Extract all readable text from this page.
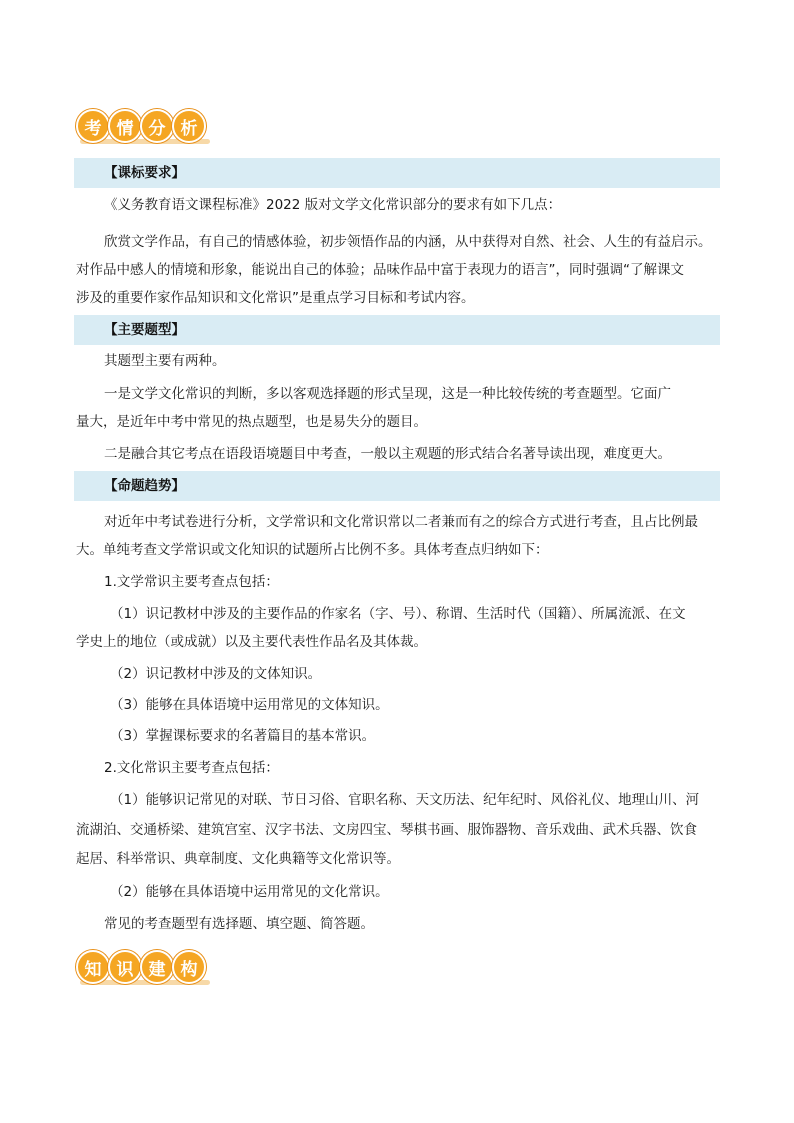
考 情 分 析
【课标要求】
《义务教育语文课程标准》2022 版对文学文化常识部分的要求有如下几点：
欣赏文学作品，有自己的情感体验，初步领悟作品的内涵，从中获得对自然、社会、人生的有益启示。
对作品中感人的情境和形象，能说出自己的体验；品味作品中富于表现力的语言”，同时强调“了解课文
涉及的重要作家作品知识和文化常识”是重点学习目标和考试内容。
【主要题型】
其题型主要有两种。
一是文学文化常识的判断，多以客观选择题的形式呈现，这是一种比较传统的考查题型。它面广
量大，是近年中考中常见的热点题型，也是易失分的题目。
二是融合其它考点在语段语境题目中考查，一般以主观题的形式结合名著导读出现，难度更大。
【命题趋势】
对近年中考试卷进行分析，文学常识和文化常识常以二者兼而有之的综合方式进行考查，且占比例最
大。单纯考查文学常识或文化知识的试题所占比例不多。具体考查点归纳如下：
1.文学常识主要考查点包括：
（1）识记教材中涉及的主要作品的作家名（字、号）、称谓、生活时代（国籍）、所属流派、在文
学史上的地位（或成就）以及主要代表性作品名及其体裁。
（2）识记教材中涉及的文体知识。
（3）能够在具体语境中运用常见的文体知识。
（3）掌握课标要求的名著篇目的基本常识。
2.文化常识主要考查点包括：
（1）能够识记常见的对联、节日习俗、官职名称、天文历法、纪年纪时、风俗礼仪、地理山川、河
流湖泊、交通桥梁、建筑宫室、汉字书法、文房四宝、琴棋书画、服饰器物、音乐戏曲、武术兵器、饮食
起居、科举常识、典章制度、文化典籍等文化常识等。
（2）能够在具体语境中运用常见的文化常识。
常见的考查题型有选择题、填空题、简答题。
知 识 建 构
